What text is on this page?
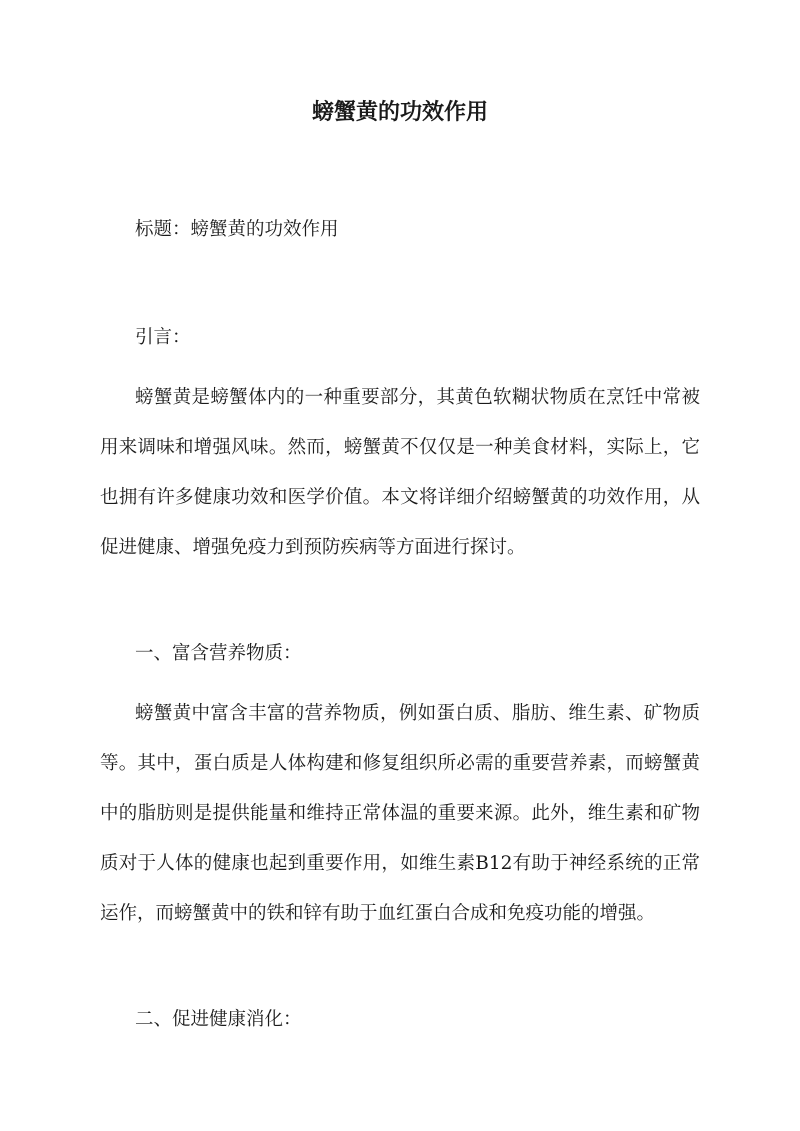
螃蟹黄的功效作用

标题：螃蟹黄的功效作用

引言：

螃蟹黄是螃蟹体内的一种重要部分，其黄色软糊状物质在烹饪中常被

用来调味和增强风味。然而，螃蟹黄不仅仅是一种美食材料，实际上，它

也拥有许多健康功效和医学价值。本文将详细介绍螃蟹黄的功效作用，从

促进健康、增强免疫力到预防疾病等方面进行探讨。

一、富含营养物质：

螃蟹黄中富含丰富的营养物质，例如蛋白质、脂肪、维生素、矿物质

等。其中，蛋白质是人体构建和修复组织所必需的重要营养素，而螃蟹黄

中的脂肪则是提供能量和维持正常体温的重要来源。此外，维生素和矿物

质对于人体的健康也起到重要作用，如维生素B12有助于神经系统的正常

运作，而螃蟹黄中的铁和锌有助于血红蛋白合成和免疫功能的增强。

二、促进健康消化：
